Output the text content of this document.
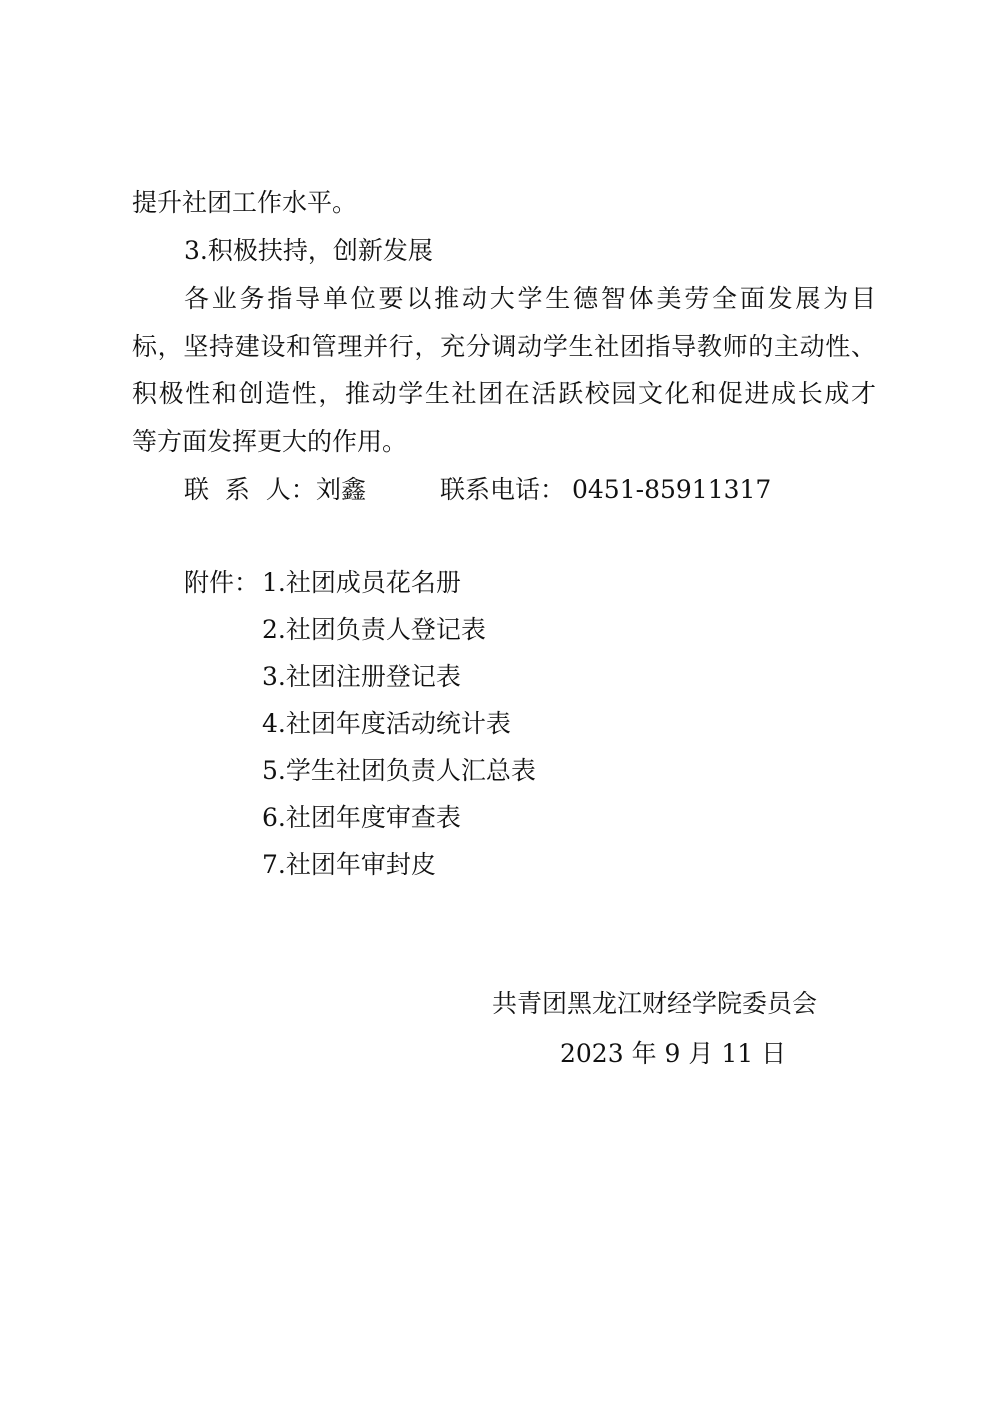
提升社团工作水平。
3.积极扶持，创新发展
各业务指导单位要以推动大学生德智体美劳全面发展为目
标，坚持建设和管理并行，充分调动学生社团指导教师的主动性、
积极性和创造性，推动学生社团在活跃校园文化和促进成长成才
等方面发挥更大的作用。
联  系  人： 刘鑫	联系电话： 0451-85911317
附件： 1.社团成员花名册
2.社团负责人登记表
3.社团注册登记表
4.社团年度活动统计表
5.学生社团负责人汇总表
6.社团年度审查表
7.社团年审封皮
共青团黑龙江财经学院委员会
2023 年 9 月 11 日
